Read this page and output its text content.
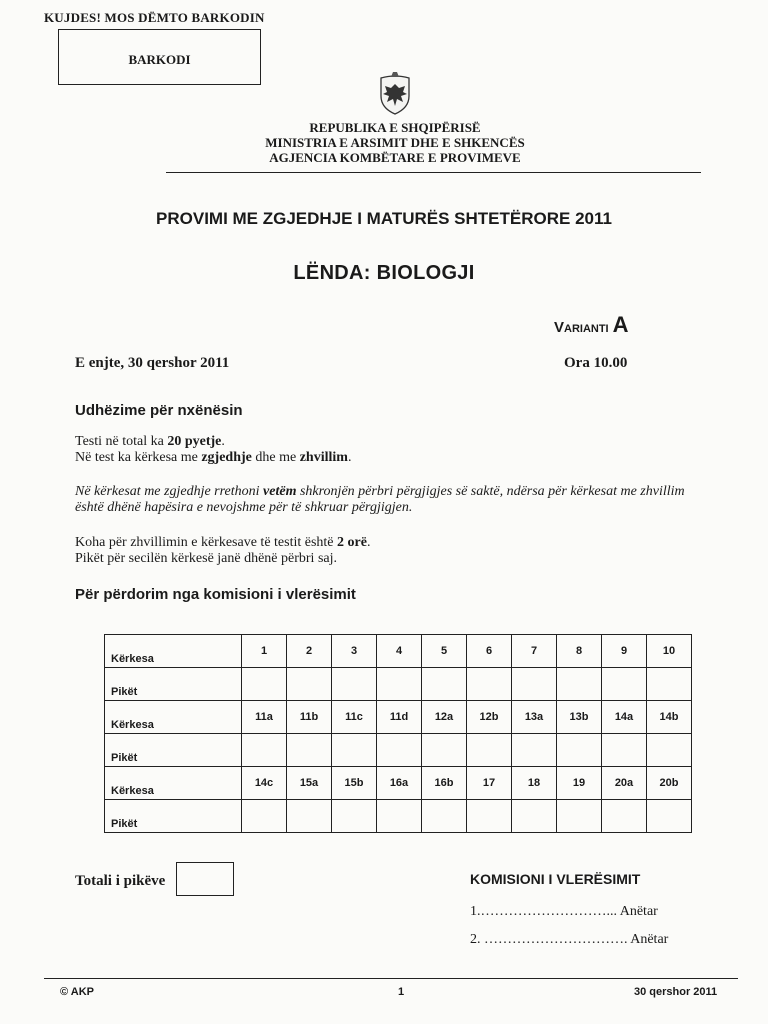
KUJDES! MOS DËMTO BARKODIN
BARKODI
REPUBLIKA E SHQIPËRISË
MINISTRIA E ARSIMIT DHE E SHKENCËS
AGJENCIA KOMBËTARE E PROVIMEVE
PROVIMI ME ZGJEDHJE I MATURËS SHTETËRORE 2011
LËNDA: BIOLOGJI
Varianti A
E enjte, 30 qershor 2011	Ora 10.00
Udhëzime për nxënësin
Testi në total ka 20 pyetje.
Në test ka kërkesa me zgjedhje dhe me zhvillim.
Në kërkesat me zgjedhje rrethoni vetëm shkronjën përbri përgjigjes së saktë, ndërsa për kërkesat me zhvillim është dhënë hapësira e nevojshme për të shkruar përgjigjen.
Koha për zhvillimin e kërkesave të testit është 2 orë.
Pikët për secilën kërkesë janë dhënë përbri saj.
Për përdorim nga komisioni i vlerësimit
Kërkesa	1	2	3	4	5	6	7	8	9	10
Pikët										
Kërkesa	11a	11b	11c	11d	12a	12b	13a	13b	14a	14b
Pikët										
Kërkesa	14c	15a	15b	16a	16b	17	18	19	20a	20b
Pikët										
Totali i pikëve	KOMISIONI I VLERËSIMIT
1.………………………... Anëtar
2. …………………………. Anëtar
© AKP	1	30 qershor 2011
